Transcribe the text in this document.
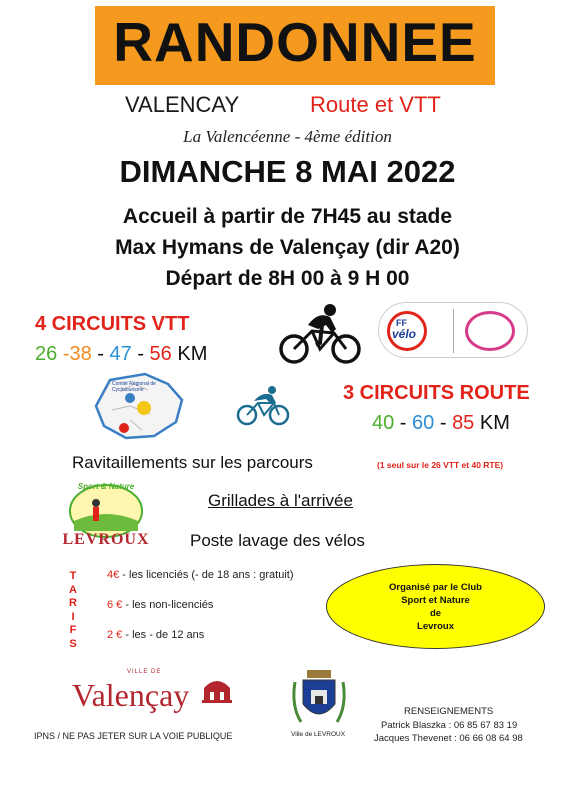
RANDONNEE
VALENCAY	Route et VTT
La Valencéenne - 4ème édition
DIMANCHE 8 MAI 2022
Accueil à partir de 7H45 au stade
Max Hymans de Valençay (dir A20)
Départ de 8H 00 à 9 H 00
4 CIRCUITS VTT
26 -38 - 47 - 56 KM
FF
vélo
Comité Régional de Cyclotourisme	3 CIRCUITS ROUTE
40 - 60 - 85 KM
Ravitaillements sur les parcours	(1 seul sur le 26 VTT et 40 RTE)
Sport & Nature
LEVROUX
Grillades à l'arrivée
Poste lavage des vélos
T
A
R
I
F
S
4€ - les licenciés (- de 18 ans : gratuit)
6 € - les non-licenciés
2 € - les - de 12 ans
Organisé par le Club
Sport et Nature
de
Levroux
VILLE DE
Valençay
Ville de LEVROUX
IPNS / NE PAS JETER SUR LA VOIE PUBLIQUE
RENSEIGNEMENTS
Patrick Blaszka : 06 85 67 83 19
Jacques Thevenet : 06 66 08 64 98
